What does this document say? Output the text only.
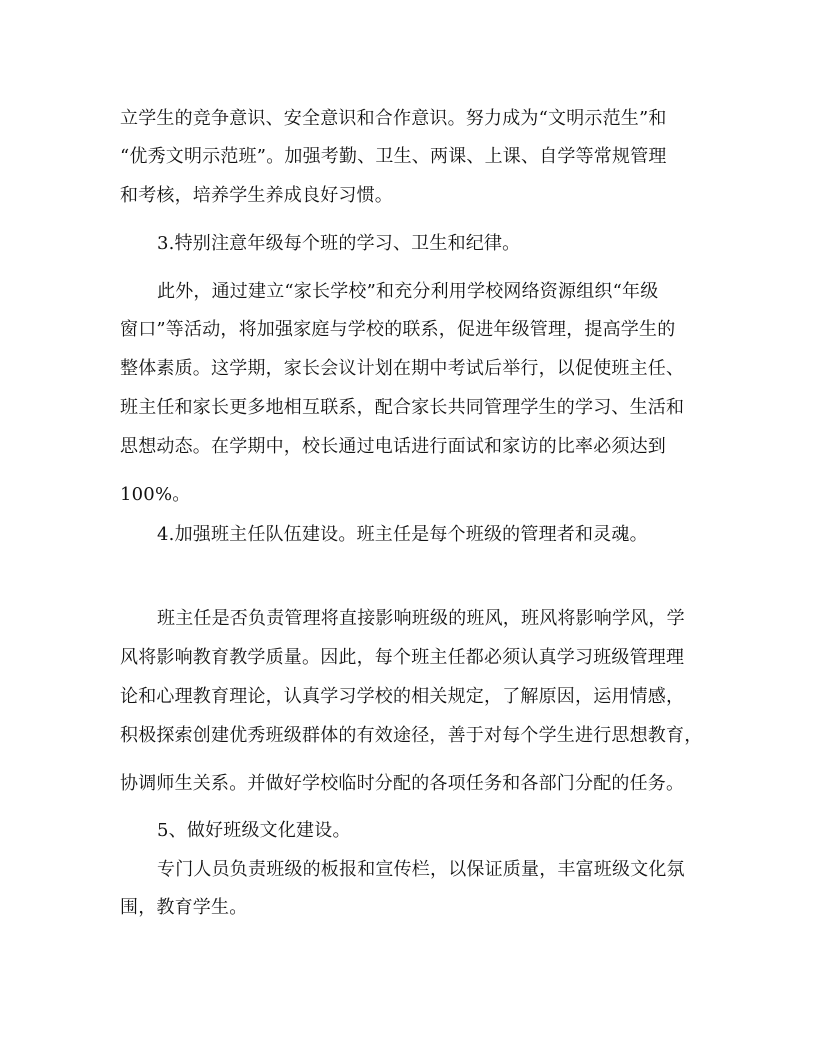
立学生的竞争意识、安全意识和合作意识。努力成为“文明示范生”和
“优秀文明示范班”。加强考勤、卫生、两课、上课、自学等常规管理
和考核，培养学生养成良好习惯。
3.特别注意年级每个班的学习、卫生和纪律。
此外，通过建立“家长学校”和充分利用学校网络资源组织“年级
窗口”等活动，将加强家庭与学校的联系，促进年级管理，提高学生的
整体素质。这学期，家长会议计划在期中考试后举行，以促使班主任、
班主任和家长更多地相互联系，配合家长共同管理学生的学习、生活和
思想动态。在学期中，校长通过电话进行面试和家访的比率必须达到
100%。
4.加强班主任队伍建设。班主任是每个班级的管理者和灵魂。
班主任是否负责管理将直接影响班级的班风，班风将影响学风，学
风将影响教育教学质量。因此，每个班主任都必须认真学习班级管理理
论和心理教育理论，认真学习学校的相关规定，了解原因，运用情感，
积极探索创建优秀班级群体的有效途径，善于对每个学生进行思想教育，
协调师生关系。并做好学校临时分配的各项任务和各部门分配的任务。
5、做好班级文化建设。
专门人员负责班级的板报和宣传栏，以保证质量，丰富班级文化氛
围，教育学生。
